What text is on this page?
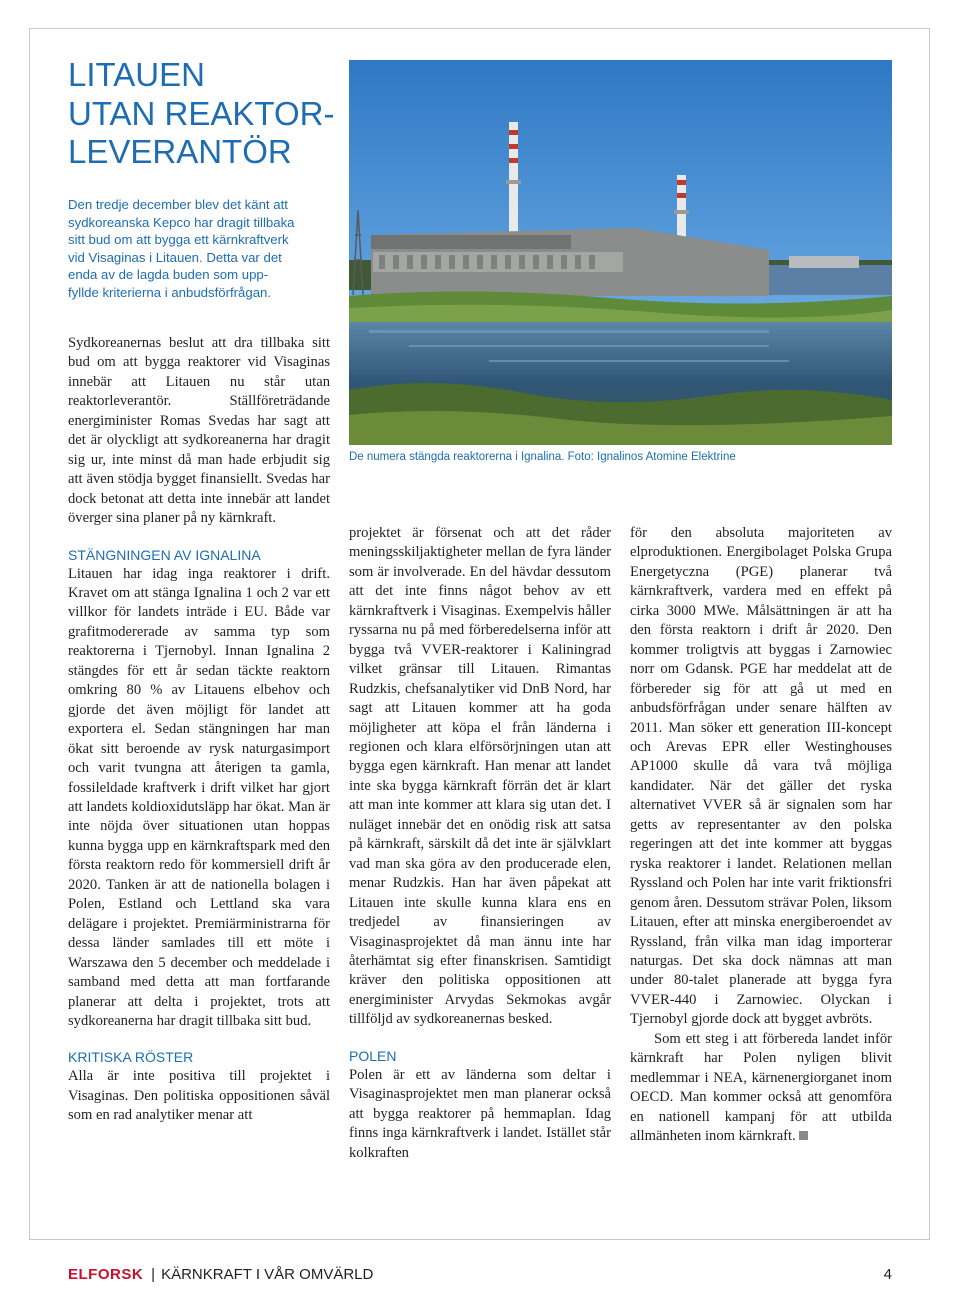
LITAUEN
UTAN REAKTOR-
LEVERANTÖR
Den tredje december blev det känt att
sydkoreanska Kepco har dragit tillbaka
sitt bud om att bygga ett kärnkraftverk
vid Visaginas i Litauen. Detta var det
enda av de lagda buden som upp-
fyllde kriterierna i anbudsförfrågan.

Sydkoreanernas beslut att dra tillbaka sitt bud om att bygga reaktorer vid Visaginas innebär att Litauen nu står utan reaktorleverantör. Ställföreträdande energiminister Romas Svedas har sagt att det är olyckligt att sydkoreanerna har dragit sig ur, inte minst då man hade erbjudit sig att även stödja bygget finansiellt. Svedas har dock betonat att detta inte innebär att landet överger sina planer på ny kärnkraft.

STÄNGNINGEN AV IGNALINA

Litauen har idag inga reaktorer i drift. Kravet om att stänga Ignalina 1 och 2 var ett villkor för landets inträde i EU. Både var grafitmodererade av samma typ som reaktorerna i Tjernobyl. Innan Ignalina 2 stängdes för ett år sedan täckte reaktorn omkring 80 % av Litauens elbehov och gjorde det även möjligt för landet att exportera el. Sedan stängningen har man ökat sitt beroende av rysk naturgasimport och varit tvungna att återigen ta gamla, fossileldade kraftverk i drift vilket har gjort att landets koldioxidutsläpp har ökat. Man är inte nöjda över situationen utan hoppas kunna bygga upp en kärnkraftspark med den första reaktorn redo för kommersiell drift år 2020. Tanken är att de nationella bolagen i Polen, Estland och Lettland ska vara delägare i projektet. Premiärministrarna för dessa länder samlades till ett möte i Warszawa den 5 december och meddelade i samband med detta att man fortfarande planerar att delta i projektet, trots att sydkoreanerna har dragit tillbaka sitt bud.

KRITISKA RÖSTER

Alla är inte positiva till projektet i Visaginas. Den politiska oppositionen såväl som en rad analytiker menar att

De numera stängda reaktorerna i Ignalina. Foto: Ignalinos Atomine Elektrine

projektet är försenat och att det råder meningsskiljaktigheter mellan de fyra länder som är involverade. En del hävdar dessutom att det inte finns något behov av ett kärnkraftverk i Visaginas. Exempelvis håller ryssarna nu på med förberedelserna inför att bygga två VVER-reaktorer i Kaliningrad vilket gränsar till Litauen. Rimantas Rudzkis, chefsanalytiker vid DnB Nord, har sagt att Litauen kommer att ha goda möjligheter att köpa el från länderna i regionen och klara elförsörjningen utan att bygga egen kärnkraft. Han menar att landet inte ska bygga kärnkraft förrän det är klart att man inte kommer att klara sig utan det. I nuläget innebär det en onödig risk att satsa på kärnkraft, särskilt då det inte är självklart vad man ska göra av den producerade elen, menar Rudzkis. Han har även påpekat att Litauen inte skulle kunna klara ens en tredjedel av finansieringen av Visaginasprojektet då man ännu inte har återhämtat sig efter finanskrisen. Samtidigt kräver den politiska oppositionen att energiminister Arvydas Sekmokas avgår tillföljd av sydkoreanernas besked.

POLEN

Polen är ett av länderna som deltar i Visaginasprojektet men man planerar också att bygga reaktorer på hemmaplan. Idag finns inga kärnkraftverk i landet. Istället står kolkraften

för den absoluta majoriteten av elproduktionen. Energibolaget Polska Grupa Energetyczna (PGE) planerar två kärnkraftverk, vardera med en effekt på cirka 3000 MWe. Målsättningen är att ha den första reaktorn i drift år 2020. Den kommer troligtvis att byggas i Zarnowiec norr om Gdansk. PGE har meddelat att de förbereder sig för att gå ut med en anbudsförfrågan under senare hälften av 2011. Man söker ett generation III-koncept och Arevas EPR eller Westinghouses AP1000 skulle då vara två möjliga kandidater. När det gäller det ryska alternativet VVER så är signalen som har getts av representanter av den polska regeringen att det inte kommer att byggas ryska reaktorer i landet. Relationen mellan Ryssland och Polen har inte varit friktionsfri genom åren. Dessutom strävar Polen, liksom Litauen, efter att minska energiberoendet av Ryssland, från vilka man idag importerar naturgas. Det ska dock nämnas att man under 80-talet planerade att bygga fyra VVER-440 i Zarnowiec. Olyckan i Tjernobyl gjorde dock att bygget avbröts.

Som ett steg i att förbereda landet inför kärnkraft har Polen nyligen blivit medlemmar i NEA, kärnenergiorganet inom OECD. Man kommer också att genomföra en nationell kampanj för att utbilda allmänheten inom kärnkraft.

ELFORSK | KÄRNKRAFT I VÅR OMVÄRLD	4
